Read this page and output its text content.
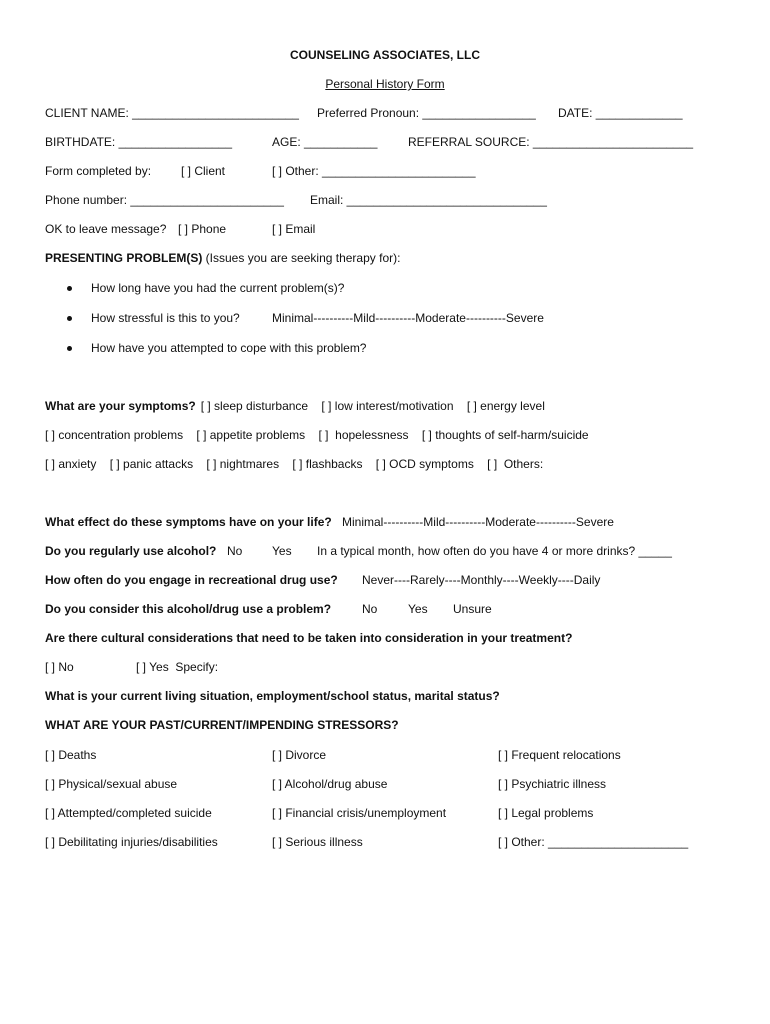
COUNSELING ASSOCIATES, LLC
Personal History Form
CLIENT NAME: _________________________ Preferred Pronoun: _________________ DATE: _____________
BIRTHDATE: _________________	AGE: ___________	REFERRAL SOURCE: ________________________
Form completed by: [ ] Client	[ ] Other: _______________________
Phone number: _______________________ Email: ______________________________
OK to leave message? [ ] Phone	[ ] Email
PRESENTING PROBLEM(S) (Issues you are seeking therapy for):
How long have you had the current problem(s)?
How stressful is this to you?	Minimal----------Mild----------Moderate----------Severe
How have you attempted to cope with this problem?
What are your symptoms? [ ] sleep disturbance    [ ] low interest/motivation    [ ] energy level
[ ] concentration problems    [ ] appetite problems    [ ]  hopelessness    [ ] thoughts of self-harm/suicide
[ ] anxiety    [ ] panic attacks    [ ] nightmares    [ ] flashbacks    [ ] OCD symptoms    [ ]  Others:
What effect do these symptoms have on your life? Minimal----------Mild----------Moderate----------Severe
Do you regularly use alcohol? No Yes In a typical month, how often do you have 4 or more drinks? _____
How often do you engage in recreational drug use? Never----Rarely----Monthly----Weekly----Daily
Do you consider this alcohol/drug use a problem?	No	Yes Unsure
Are there cultural considerations that need to be taken into consideration in your treatment?
[ ] No	[ ] Yes  Specify:
What is your current living situation, employment/school status, marital status?
WHAT ARE YOUR PAST/CURRENT/IMPENDING STRESSORS?
[ ] Deaths	[ ] Divorce	[ ] Frequent relocations
[ ] Physical/sexual abuse	[ ] Alcohol/drug abuse	[ ] Psychiatric illness
[ ] Attempted/completed suicide	[ ] Financial crisis/unemployment	[ ] Legal problems
[ ] Debilitating injuries/disabilities	[ ] Serious illness	[ ] Other: _____________________
